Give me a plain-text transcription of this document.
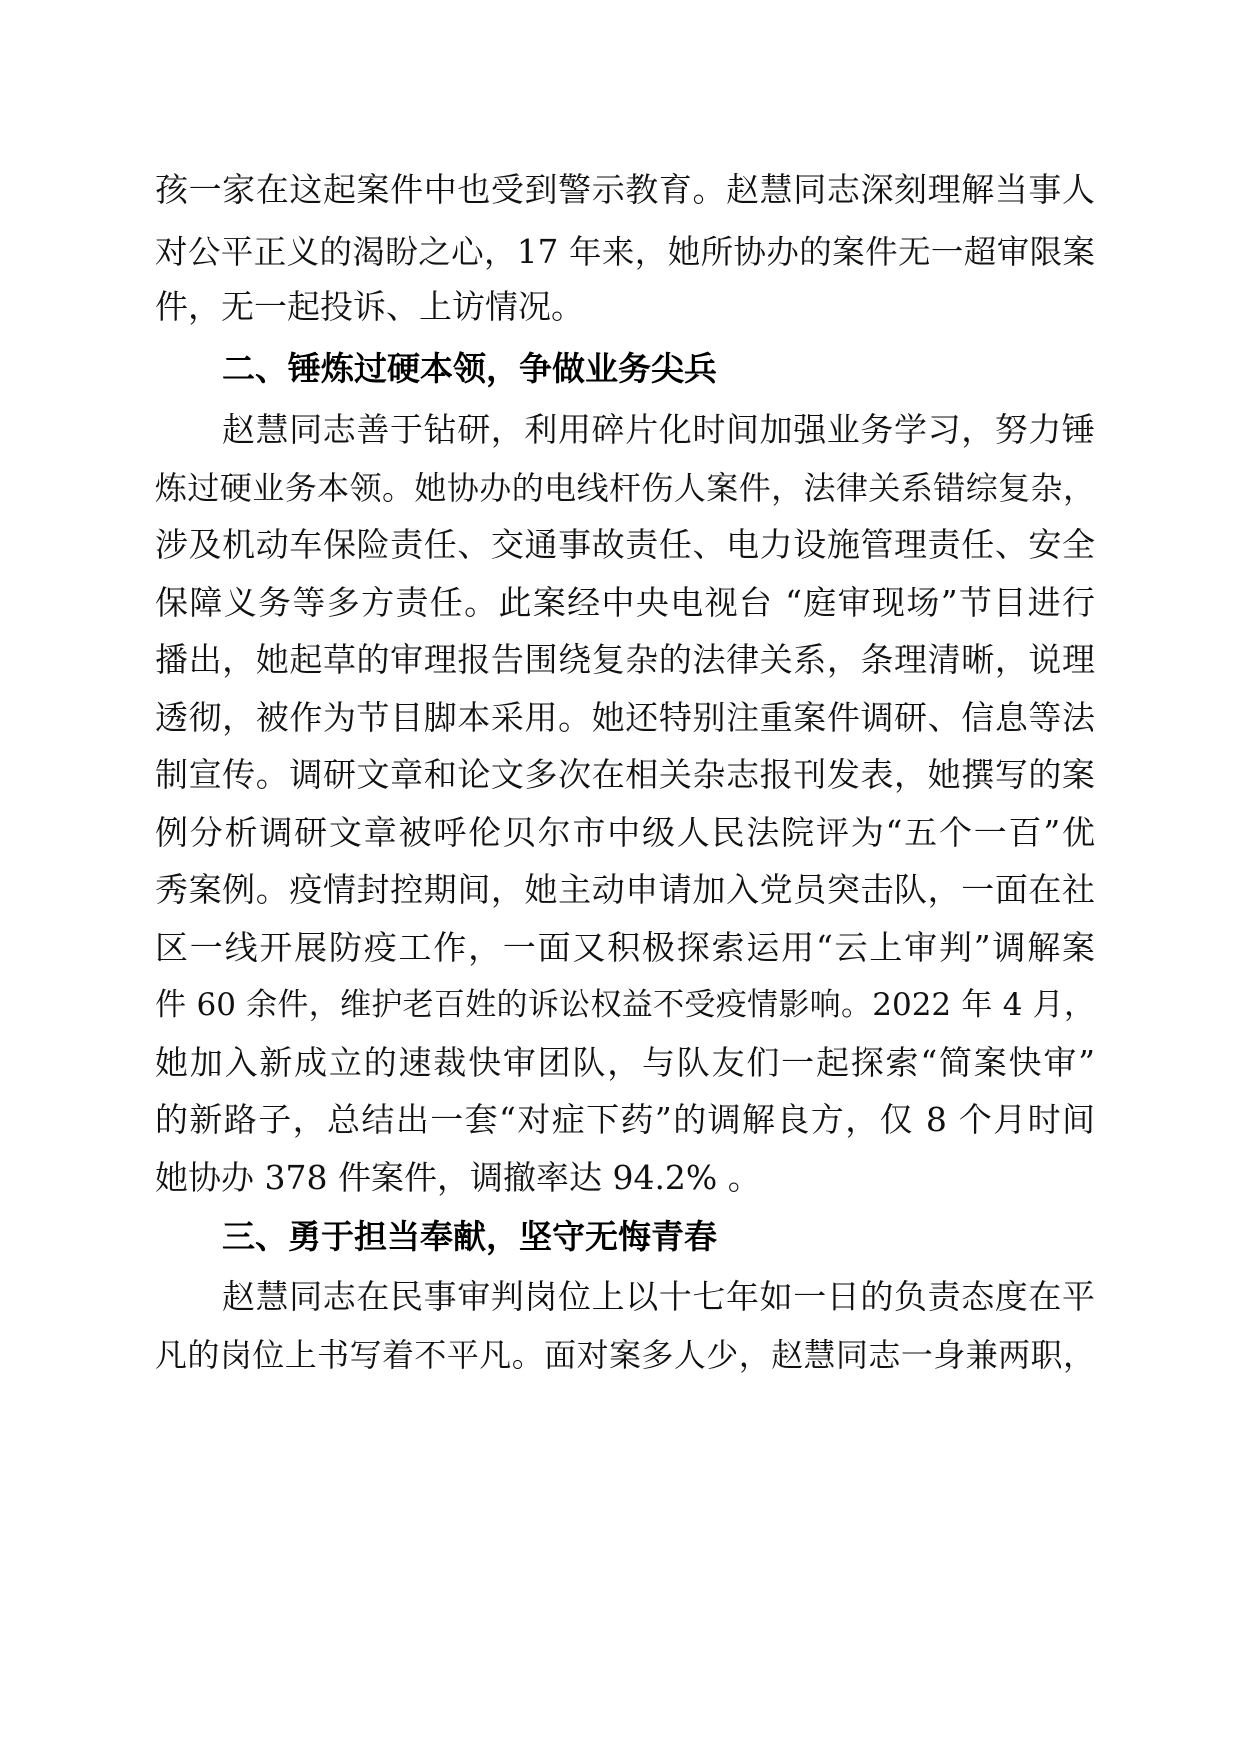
孩一家在这起案件中也受到警示教育。赵慧同志深刻理解当事人
对公平正义的渴盼之心，17 年来，她所协办的案件无一超审限案
件，无一起投诉、上访情况。
二、锤炼过硬本领，争做业务尖兵
赵慧同志善于钻研，利用碎片化时间加强业务学习，努力锤
炼过硬业务本领。她协办的电线杆伤人案件，法律关系错综复杂，
涉及机动车保险责任、交通事故责任、电力设施管理责任、安全
保障义务等多方责任。此案经中央电视台 “庭审现场”节目进行
播出，她起草的审理报告围绕复杂的法律关系，条理清晰，说理
透彻，被作为节目脚本采用。她还特别注重案件调研、信息等法
制宣传。调研文章和论文多次在相关杂志报刊发表，她撰写的案
例分析调研文章被呼伦贝尔市中级人民法院评为“五个一百”优
秀案例。疫情封控期间，她主动申请加入党员突击队，一面在社
区一线开展防疫工作，一面又积极探索运用“云上审判”调解案
件 60 余件，维护老百姓的诉讼权益不受疫情影响。2022 年 4 月，
她加入新成立的速裁快审团队，与队友们一起探索“简案快审”
的新路子，总结出一套“对症下药”的调解良方，仅 8 个月时间
她协办 378 件案件，调撤率达 94.2% 。
三、勇于担当奉献，坚守无悔青春
赵慧同志在民事审判岗位上以十七年如一日的负责态度在平
凡的岗位上书写着不平凡。面对案多人少，赵慧同志一身兼两职，
